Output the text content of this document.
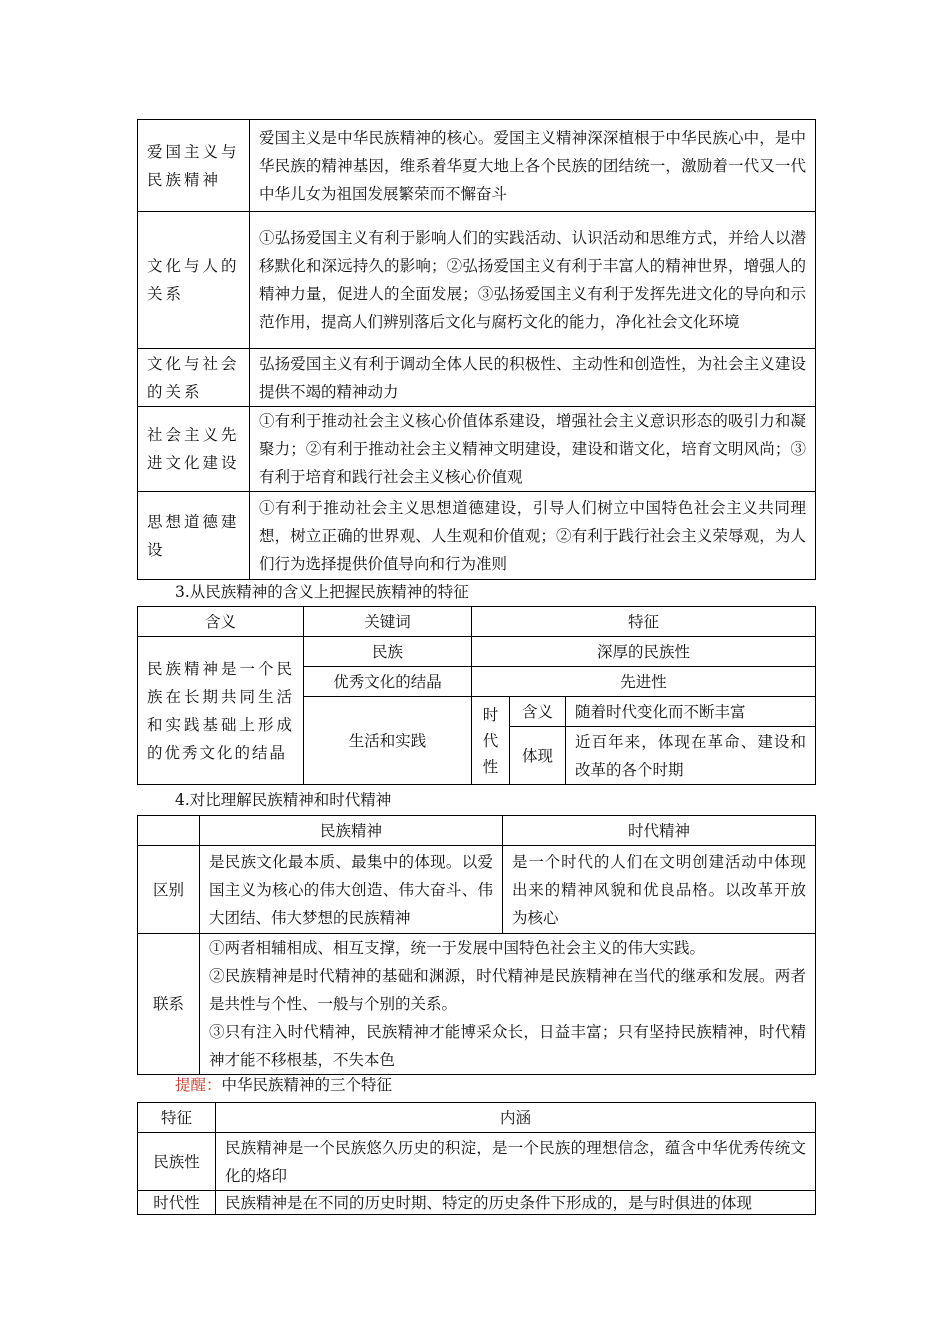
爱国主义与民族精神	爱国主义是中华民族精神的核心。爱国主义精神深深植根于中华民族心中，是中华民族的精神基因，维系着华夏大地上各个民族的团结统一，激励着一代又一代中华儿女为祖国发展繁荣而不懈奋斗
文化与人的关系	①弘扬爱国主义有利于影响人们的实践活动、认识活动和思维方式，并给人以潜移默化和深远持久的影响；②弘扬爱国主义有利于丰富人的精神世界，增强人的精神力量，促进人的全面发展；③弘扬爱国主义有利于发挥先进文化的导向和示范作用，提高人们辨别落后文化与腐朽文化的能力，净化社会文化环境
文化与社会的关系	弘扬爱国主义有利于调动全体人民的积极性、主动性和创造性，为社会主义建设提供不竭的精神动力
社会主义先进文化建设	①有利于推动社会主义核心价值体系建设，增强社会主义意识形态的吸引力和凝聚力；②有利于推动社会主义精神文明建设，建设和谐文化，培育文明风尚；③有利于培育和践行社会主义核心价值观
思想道德建设	①有利于推动社会主义思想道德建设，引导人们树立中国特色社会主义共同理想，树立正确的世界观、人生观和价值观；②有利于践行社会主义荣辱观，为人们行为选择提供价值导向和行为准则
3.从民族精神的含义上把握民族精神的特征
含义	关键词	特征		
民族精神是一个民族在长期共同生活和实践基础上形成的优秀文化的结晶	民族	深厚的民族性		
	优秀文化的结晶	先进性		
	生活和实践	时代性	含义	随着时代变化而不断丰富
			体现	近百年来，体现在革命、建设和改革的各个时期
4.对比理解民族精神和时代精神
	民族精神	时代精神
区别	是民族文化最本质、最集中的体现。以爱国主义为核心的伟大创造、伟大奋斗、伟大团结、伟大梦想的民族精神	是一个时代的人们在文明创建活动中体现出来的精神风貌和优良品格。以改革开放为核心
联系	①两者相辅相成、相互支撑，统一于发展中国特色社会主义的伟大实践。
②民族精神是时代精神的基础和渊源，时代精神是民族精神在当代的继承和发展。两者是共性与个性、一般与个别的关系。
③只有注入时代精神，民族精神才能博采众长，日益丰富；只有坚持民族精神，时代精神才能不移根基，不失本色	
提醒：中华民族精神的三个特征
特征	内涵
民族性	民族精神是一个民族悠久历史的积淀，是一个民族的理想信念，蕴含中华优秀传统文化的烙印
时代性	民族精神是在不同的历史时期、特定的历史条件下形成的，是与时俱进的体现
